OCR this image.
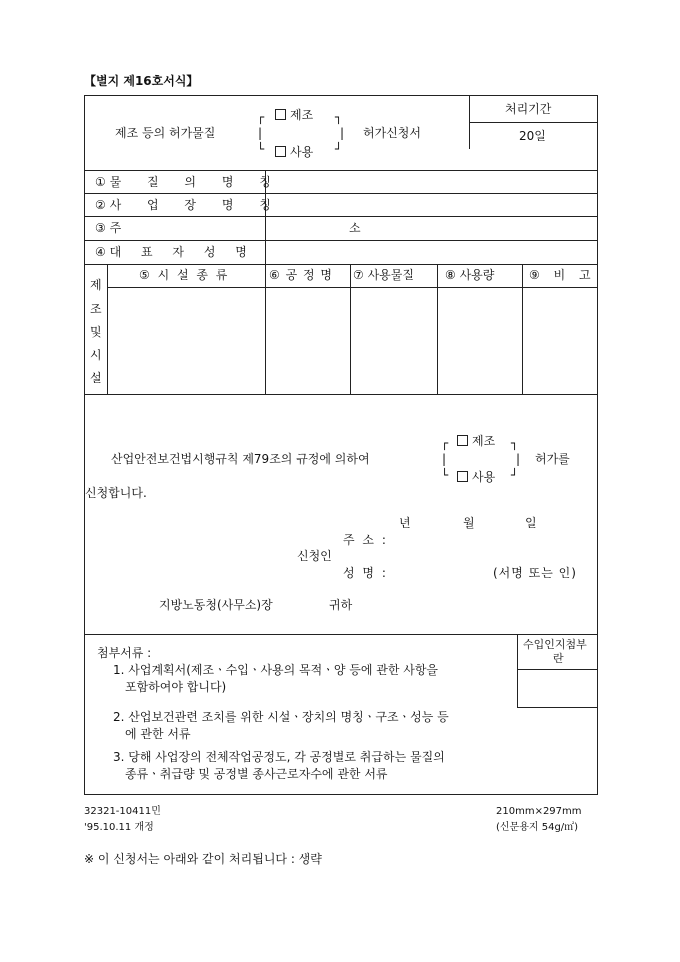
【별지 제16호서식】
제조 등의 허가물질
┌	제조 ┐
|	|
└	사용 ┘
허가신청서
처리기간
20일
① 물 질 의 명 칭
② 사 업 장 명 칭
③ 주 소
④ 대 표 자 성 명
제
조
및
시
설
⑤ 시 설 종 류	⑥ 공 정 명 ⑦ 사용물질	⑧ 사용량	⑨ 비 고
산업안전보건법시행규칙 제79조의 규정에 의하여
┌	제조 ┐
|	|
└	사용 ┘
허가를
신청합니다.
년	월	일
주 소 :
신청인
성 명 :	(서명 또는 인)
지방노동청(사무소)장	귀하
첨부서류 :
1. 사업계획서(제조ㆍ수입ㆍ사용의 목적ㆍ양 등에 관한 사항을
포함하여야 합니다)
2. 산업보건관련 조치를 위한 시설ㆍ장치의 명칭ㆍ구조ㆍ성능 등
에 관한 서류
3. 당해 사업장의 전체작업공정도, 각 공정별로 취급하는 물질의
종류ㆍ취급량 및 공정별 종사근로자수에 관한 서류
수입인지첨부
란
32321-10411민
'95.10.11 개정
210mm×297mm
(신문용지 54g/㎡)
※ 이 신청서는 아래와 같이 처리됩니다 : 생략
